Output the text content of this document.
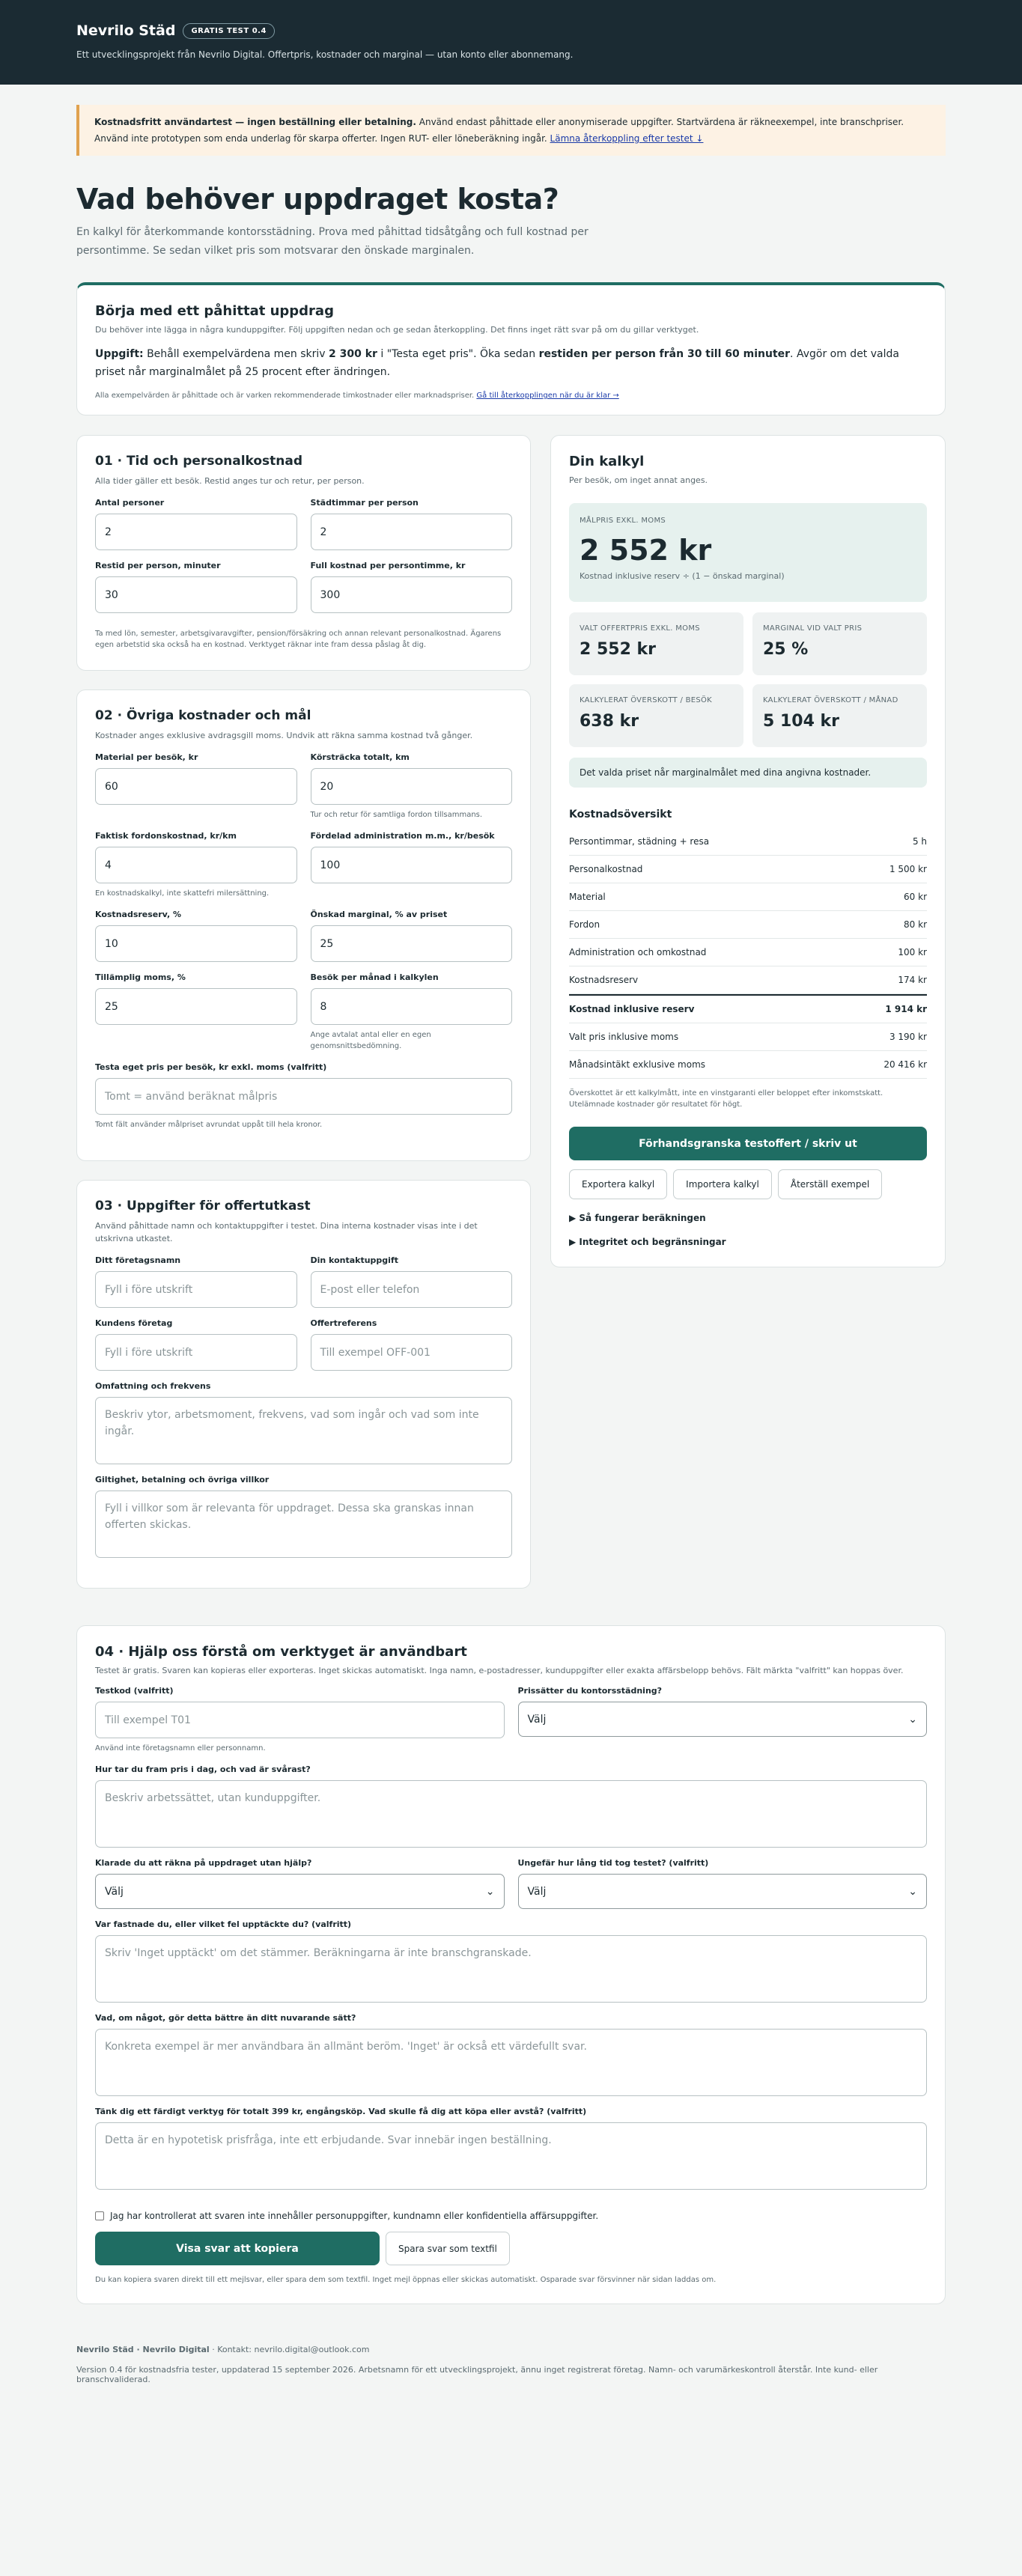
Nevrilo Städ	GRATIS TEST 0.4

Ett utvecklingsprojekt från Nevrilo Digital. Offertpris, kostnader och marginal — utan konto eller abonnemang.

Kostnadsfritt användartest — ingen beställning eller betalning. Använd endast påhittade eller anonymiserade uppgifter. Startvärdena är räkneexempel, inte branschpriser. Använd inte prototypen som enda underlag för skarpa offerter. Ingen RUT- eller löneberäkning ingår. Lämna återkoppling efter testet ↓
Vad behöver uppdraget kosta?

En kalkyl för återkommande kontorsstädning. Prova med påhittad tidsåtgång och full kostnad per persontimme. Se sedan vilket pris som motsvarar den önskade marginalen.

Börja med ett påhittat uppdrag

Du behöver inte lägga in några kunduppgifter. Följ uppgiften nedan och ge sedan återkoppling. Det finns inget rätt svar på om du gillar verktyget.

Uppgift: Behåll exempelvärdena men skriv 2 300 kr i "Testa eget pris". Öka sedan restiden per person från 30 till 60 minuter. Avgör om det valda priset når marginalmålet på 25 procent efter ändringen.

Alla exempelvärden är påhittade och är varken rekommenderade timkostnader eller marknadspriser. Gå till återkopplingen när du är klar →

01 · Tid och personalkostnad

Alla tider gäller ett besök. Restid anges tur och retur, per person.

Antal personer
2
Städtimmar per person
2
Restid per person, minuter
30
Full kostnad per persontimme, kr
300

Ta med lön, semester, arbetsgivaravgifter, pension/försäkring och annan relevant personalkostnad. Ägarens egen arbetstid ska också ha en kostnad. Verktyget räknar inte fram dessa påslag åt dig.

02 · Övriga kostnader och mål

Kostnader anges exklusive avdragsgill moms. Undvik att räkna samma kostnad två gånger.

Material per besök, kr
60
Körsträcka totalt, km
20

Tur och retur för samtliga fordon tillsammans.

Faktisk fordonskostnad, kr/km
4

En kostnadskalkyl, inte skattefri milersättning.

Fördelad administration m.m., kr/besök
100
Kostnadsreserv, %
10
Önskad marginal, % av priset
25
Tillämplig moms, %
25
Besök per månad i kalkylen
8

Ange avtalat antal eller en egen genomsnittsbedömning.

Testa eget pris per besök, kr exkl. moms (valfritt)
Tomt = använd beräknat målpris

Tomt fält använder målpriset avrundat uppåt till hela kronor.

03 · Uppgifter för offertutkast

Använd påhittade namn och kontaktuppgifter i testet. Dina interna kostnader visas inte i det utskrivna utkastet.

Ditt företagsnamn
Fyll i före utskrift
Din kontaktuppgift
E-post eller telefon
Kundens företag
Fyll i före utskrift
Offertreferens
Till exempel OFF-001
Omfattning och frekvens
Beskriv ytor, arbetsmoment, frekvens, vad som ingår och vad som inte ingår.
Giltighet, betalning och övriga villkor
Fyll i villkor som är relevanta för uppdraget. Dessa ska granskas innan offerten skickas.
Din kalkyl

Per besök, om inget annat anges.

MÅLPRIS EXKL. MOMS
2 552 kr
Kostnad inklusive reserv ÷ (1 − önskad marginal)
VALT OFFERTPRIS EXKL. MOMS
2 552 kr
MARGINAL VID VALT PRIS
25 %
KALKYLERAT ÖVERSKOTT / BESÖK
638 kr
KALKYLERAT ÖVERSKOTT / MÅNAD
5 104 kr
Det valda priset når marginalmålet med dina angivna kostnader.
Kostnadsöversikt
Persontimmar, städning + resa	5 h
Personalkostnad	1 500 kr
Material	60 kr
Fordon	80 kr
Administration och omkostnad	100 kr
Kostnadsreserv	174 kr
Kostnad inklusive reserv	1 914 kr
Valt pris inklusive moms	3 190 kr
Månadsintäkt exklusive moms	20 416 kr

Överskottet är ett kalkylmått, inte en vinstgaranti eller beloppet efter inkomstskatt. Utelämnade kostnader gör resultatet för högt.

Förhandsgranska testoffert / skriv ut
Exportera kalkyl	Importera kalkyl	Återställ exempel
▶ Så fungerar beräkningen
▶ Integritet och begränsningar
04 · Hjälp oss förstå om verktyget är användbart

Testet är gratis. Svaren kan kopieras eller exporteras. Inget skickas automatiskt. Inga namn, e-postadresser, kunduppgifter eller exakta affärsbelopp behövs. Fält märkta "valfritt" kan hoppas över.

Testkod (valfritt)
Till exempel T01

Använd inte företagsnamn eller personnamn.

Prissätter du kontorsstädning?
Välj	⌄
Hur tar du fram pris i dag, och vad är svårast?
Beskriv arbetssättet, utan kunduppgifter.
Klarade du att räkna på uppdraget utan hjälp?
Välj	⌄
Ungefär hur lång tid tog testet? (valfritt)
Välj	⌄
Var fastnade du, eller vilket fel upptäckte du? (valfritt)
Skriv 'Inget upptäckt' om det stämmer. Beräkningarna är inte branschgranskade.
Vad, om något, gör detta bättre än ditt nuvarande sätt?
Konkreta exempel är mer användbara än allmänt beröm. 'Inget' är också ett värdefullt svar.
Tänk dig ett färdigt verktyg för totalt 399 kr, engångsköp. Vad skulle få dig att köpa eller avstå? (valfritt)
Detta är en hypotetisk prisfråga, inte ett erbjudande. Svar innebär ingen beställning.
Jag har kontrollerat att svaren inte innehåller personuppgifter, kundnamn eller konfidentiella affärsuppgifter.
Visa svar att kopiera	Spara svar som textfil

Du kan kopiera svaren direkt till ett mejlsvar, eller spara dem som textfil. Inget mejl öppnas eller skickas automatiskt. Osparade svar försvinner när sidan laddas om.

Nevrilo Städ · Nevrilo Digital · Kontakt: nevrilo.digital@outlook.com

Version 0.4 för kostnadsfria tester, uppdaterad 15 september 2026. Arbetsnamn för ett utvecklingsprojekt, ännu inget registrerat företag. Namn- och varumärkeskontroll återstår. Inte kund- eller branschvaliderad.
